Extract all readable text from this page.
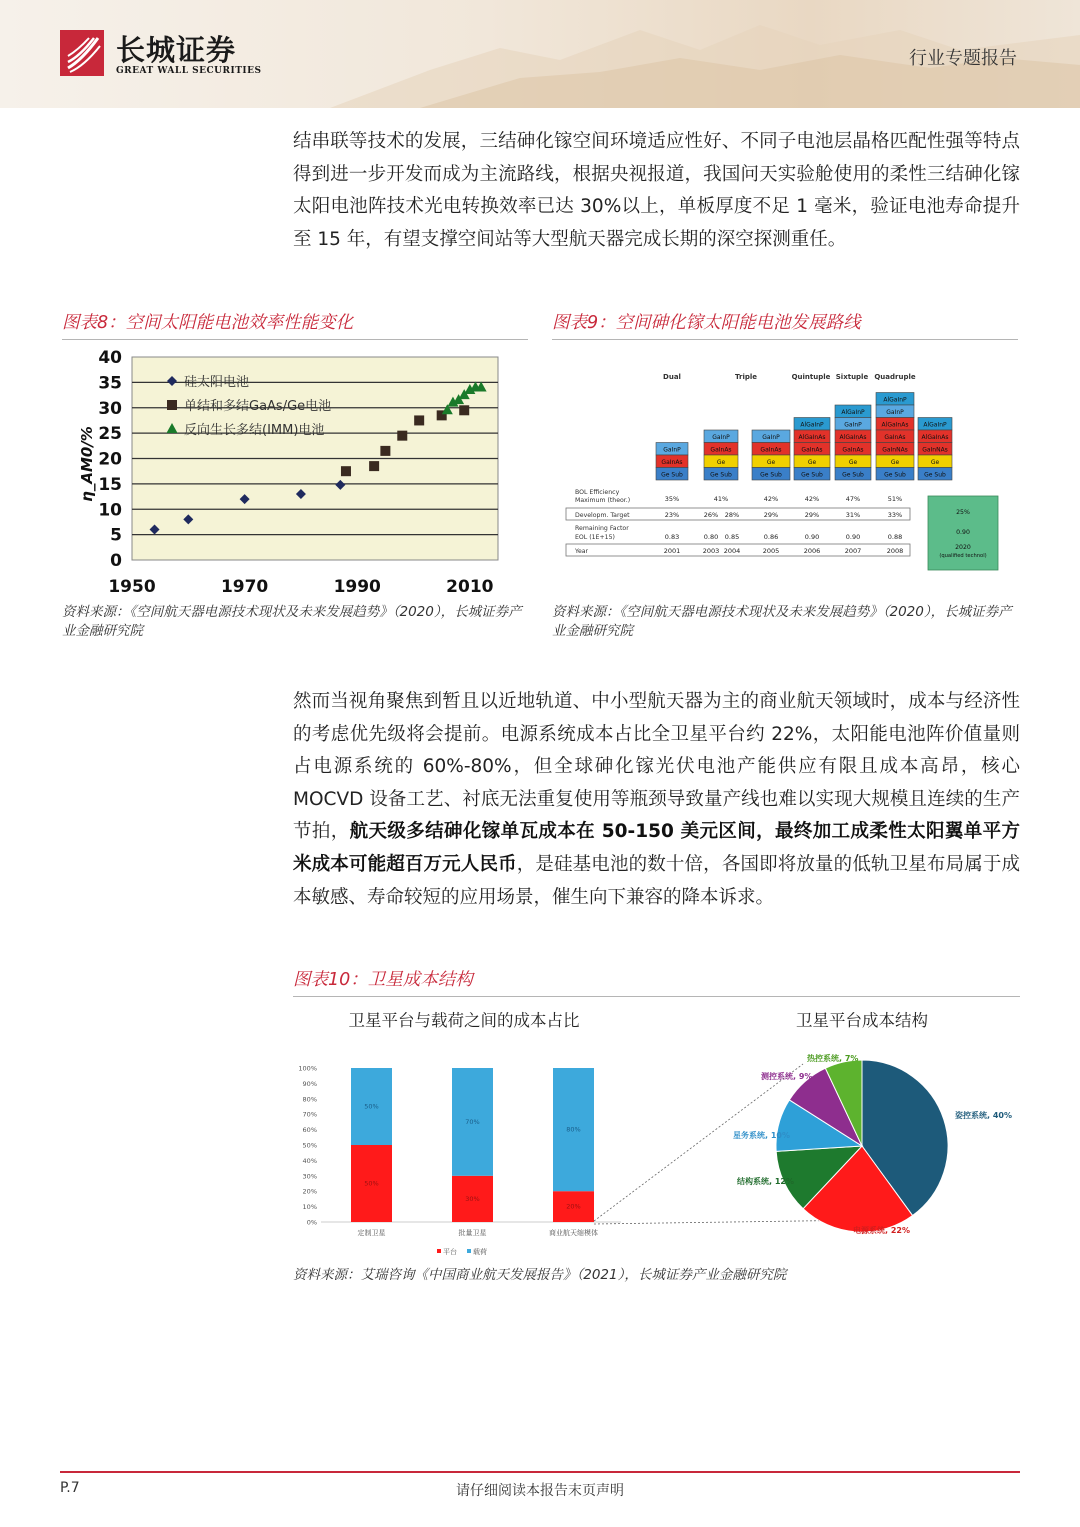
长城证券
GREAT WALL SECURITIES
行业专题报告
结串联等技术的发展，三结砷化镓空间环境适应性好、不同子电池层晶格匹配性强等特点得到进一步开发而成为主流路线，根据央视报道，我国问天实验舱使用的柔性三结砷化镓太阳电池阵技术光电转换效率已达 30%以上，单板厚度不足 1 毫米，验证电池寿命提升至 15 年，有望支撑空间站等大型航天器完成长期的深空探测重任。
图表8：空间太阳能电池效率性能变化
η_AM0/%
0
5
10
15
20
25
30
35
40
1950	1970	1990	2010
硅太阳电池
单结和多结GaAs/Ge电池
反向生长多结(IMM)电池
资料来源：《空间航天器电源技术现状及未来发展趋势》（2020），长城证券产业金融研究院
图表9：空间砷化镓太阳能电池发展路线
Dual	Triple	Quintuple Sixtuple Quadruple
GaInP
GaInAs
Ge Sub
GaInP
GaInAs
Ge
Ge Sub
GaInP
GaInAs
Ge
Ge Sub
AlGaInP
AlGaInAs
GaInAs
Ge
Ge Sub
AlGaInP
GaInP
AlGaInAs
GaInAs
Ge
Ge Sub
AlGaInP
GaInP
AlGaInAs
GaInAs
GaInNAs
Ge
Ge Sub
AlGaInP
AlGaInAs
GaInNAs
Ge
Ge Sub
BOL Efficiency
Maximum (theor.)	35%	41%	42%	42%	47%	51%
Developm. Target	23%	26% 28%	29%	29%	31%	33%
Remaining Factor
EOL (1E+15)	0.83	0.80 0.85	0.86	0.90	0.90	0.88
Year	2001	2003 2004	2005	2006	2007	2008
25%
0.90
2020
(qualified technol)
资料来源：《空间航天器电源技术现状及未来发展趋势》（2020），长城证券产业金融研究院
然而当视角聚焦到暂且以近地轨道、中小型航天器为主的商业航天领域时，成本与经济性的考虑优先级将会提前。电源系统成本占比全卫星平台约 22%，太阳能电池阵价值量则占电源系统的 60%-80%，但全球砷化镓光伏电池产能供应有限且成本高昂，核心 MOCVD 设备工艺、衬底无法重复使用等瓶颈导致量产线也难以实现大规模且连续的生产节拍，航天级多结砷化镓单瓦成本在 50-150 美元区间，最终加工成柔性太阳翼单平方米成本可能超百万元人民币，是硅基电池的数十倍，各国即将放量的低轨卫星布局属于成本敏感、寿命较短的应用场景，催生向下兼容的降本诉求。
图表10：卫星成本结构
卫星平台与载荷之间的成本占比	卫星平台成本结构
0%
10%
20%
30%
40%
50%
60%
70%
80%
90%
100%
50%
50%
定制卫星
70%
30%
批量卫星
80%
20%
商业航天缩模体
平台 载荷
姿控系统, 40%
电源系统, 22%
结构系统, 12%
星务系统, 10%
测控系统, 9%
热控系统, 7%
资料来源：艾瑞咨询《中国商业航天发展报告》（2021），长城证券产业金融研究院
P.7	请仔细阅读本报告末页声明
